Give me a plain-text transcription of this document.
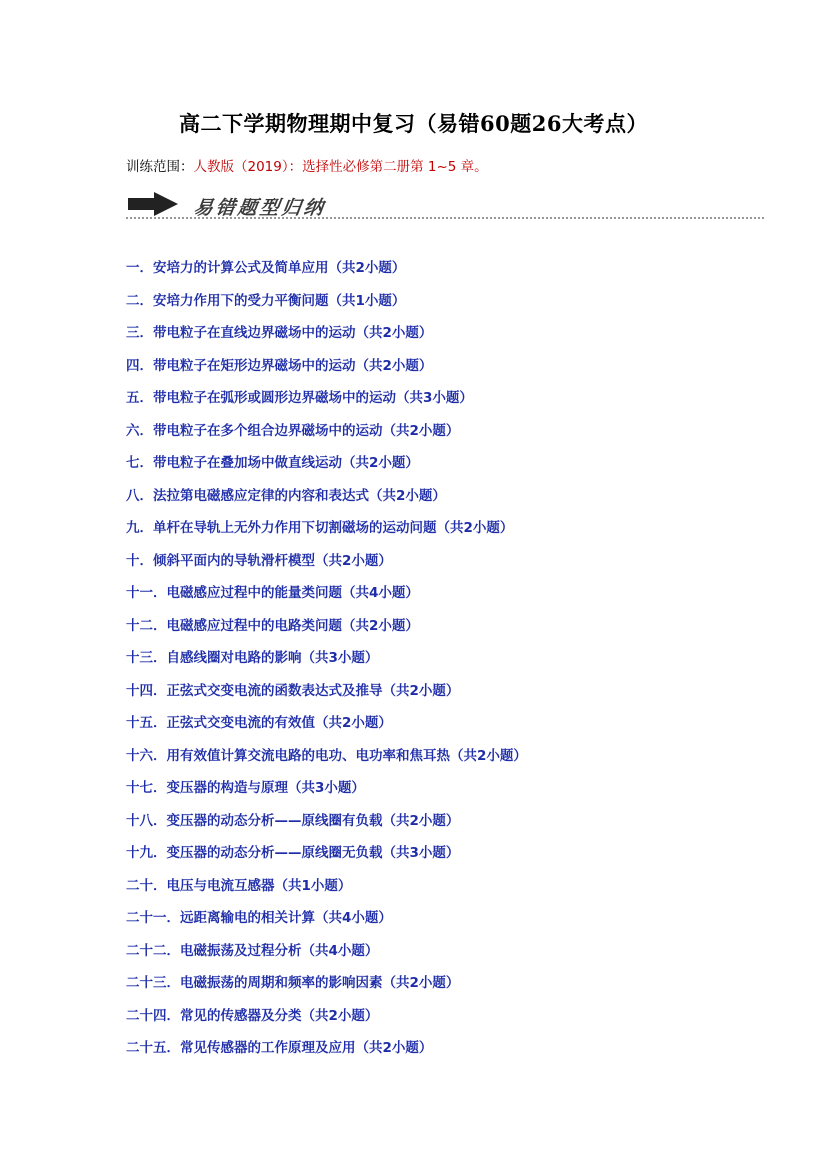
高二下学期物理期中复习（易错60题26大考点）
训练范围：人教版（2019）：选择性必修第二册第 1~5 章。
易错题型归纳
一．安培力的计算公式及简单应用（共2小题）
二．安培力作用下的受力平衡问题（共1小题）
三．带电粒子在直线边界磁场中的运动（共2小题）
四．带电粒子在矩形边界磁场中的运动（共2小题）
五．带电粒子在弧形或圆形边界磁场中的运动（共3小题）
六．带电粒子在多个组合边界磁场中的运动（共2小题）
七．带电粒子在叠加场中做直线运动（共2小题）
八．法拉第电磁感应定律的内容和表达式（共2小题）
九．单杆在导轨上无外力作用下切割磁场的运动问题（共2小题）
十．倾斜平面内的导轨滑杆模型（共2小题）
十一．电磁感应过程中的能量类问题（共4小题）
十二．电磁感应过程中的电路类问题（共2小题）
十三．自感线圈对电路的影响（共3小题）
十四．正弦式交变电流的函数表达式及推导（共2小题）
十五．正弦式交变电流的有效值（共2小题）
十六．用有效值计算交流电路的电功、电功率和焦耳热（共2小题）
十七．变压器的构造与原理（共3小题）
十八．变压器的动态分析——原线圈有负载（共2小题）
十九．变压器的动态分析——原线圈无负载（共3小题）
二十．电压与电流互感器（共1小题）
二十一．远距离输电的相关计算（共4小题）
二十二．电磁振荡及过程分析（共4小题）
二十三．电磁振荡的周期和频率的影响因素（共2小题）
二十四．常见的传感器及分类（共2小题）
二十五．常见传感器的工作原理及应用（共2小题）
